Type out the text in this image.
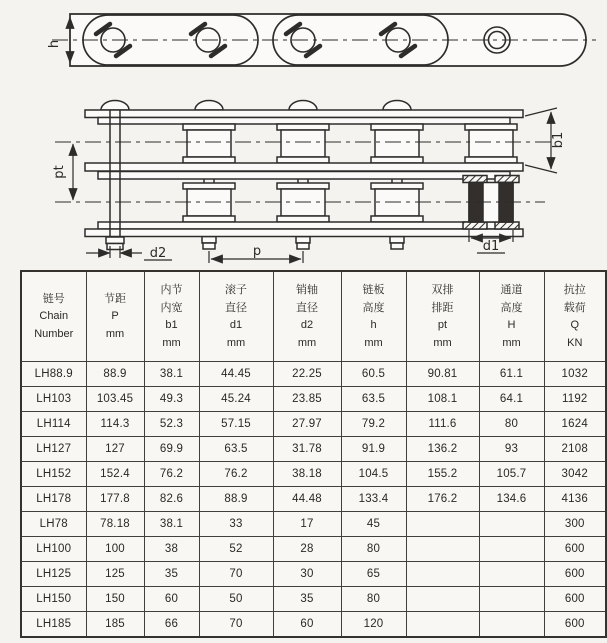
h
pt
d2	p
b1
d1
链号
Chain
Number	节距
P
mm	内节
内宽
b1
mm	滚子
直径
d1
mm	销轴
直径
d2
mm	链板
高度
h
mm	双排
排距
pt
mm	通道
高度
H
mm	抗拉
载荷
Q
KN

LH88.9	88.9	38.1	44.45	22.25	60.5	90.81	61.1	1032
LH103	103.45	49.3	45.24	23.85	63.5	108.1	64.1	1192
LH114	114.3	52.3	57.15	27.97	79.2	111.6	80	1624
LH127	127	69.9	63.5	31.78	91.9	136.2	93	2108
LH152	152.4	76.2	76.2	38.18	104.5	155.2	105.7	3042
LH178	177.8	82.6	88.9	44.48	133.4	176.2	134.6	4136
LH78	78.18	38.1	33	17	45			300
LH100	100	38	52	28	80			600
LH125	125	35	70	30	65			600
LH150	150	60	50	35	80			600
LH185	185	66	70	60	120			600
